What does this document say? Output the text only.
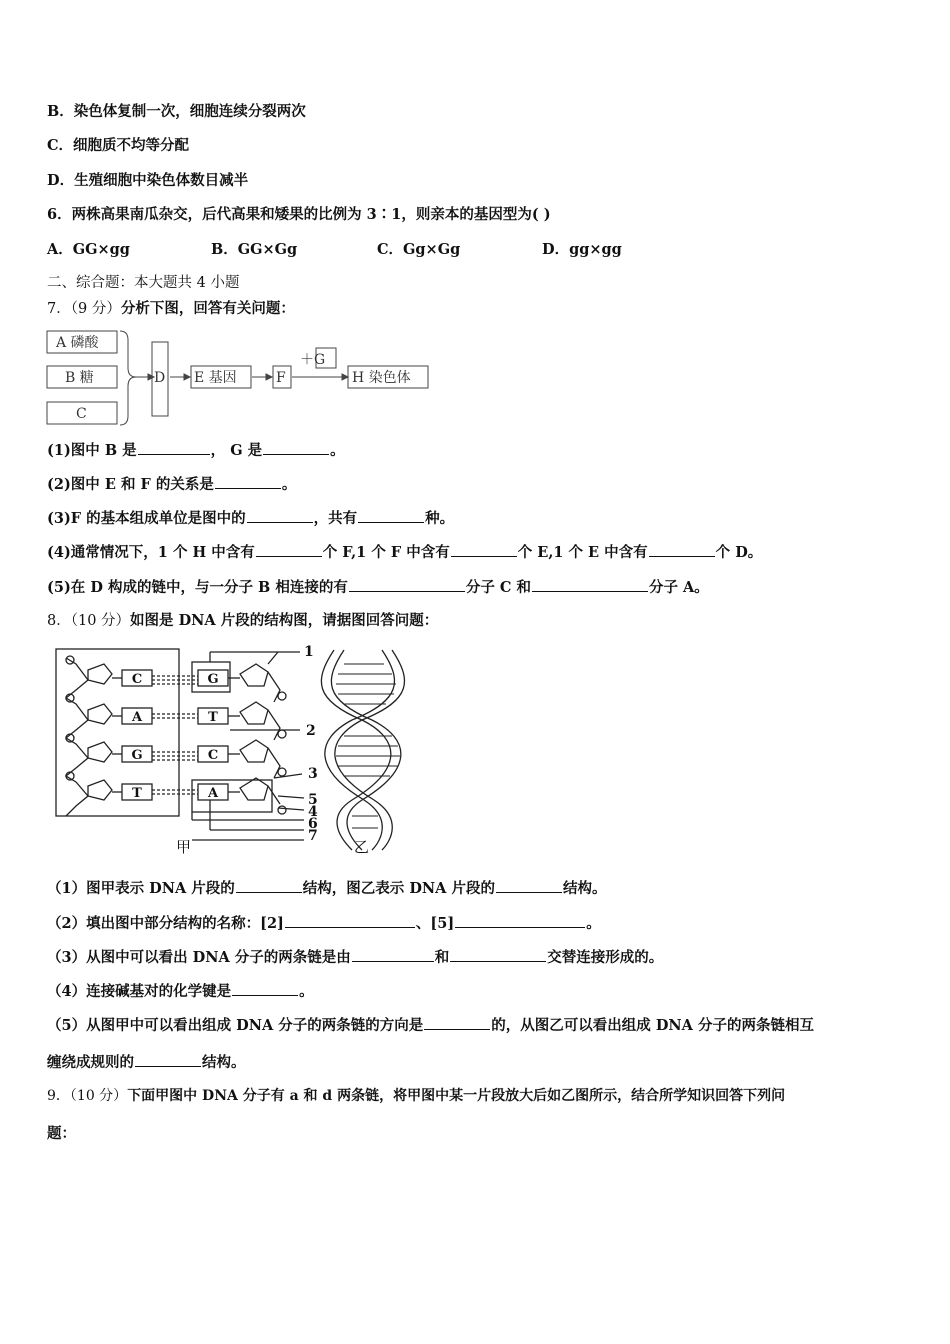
B．染色体复制一次，细胞连续分裂两次
C．细胞质不均等分配
D．生殖细胞中染色体数目减半
6．两株高果南瓜杂交，后代高果和矮果的比例为 3∶1，则亲本的基因型为( )
A．GG×gg	B．GG×Gg	C．Gg×Gg	D．gg×gg
二、综合题：本大题共 4 小题
7．（9 分）分析下图，回答有关问题：
A 磷酸
B 糖
C
D E 基因	F
＋G
H 染色体
(1)图中 B 是	， G 是	。
(2)图中 E 和 F 的关系是	。
(3)F 的基本组成单位是图中的	，共有	种。
(4)通常情况下，1 个 H 中含有	个 F,1 个 F 中含有	个 E,1 个 E 中含有	个 D。
(5)在 D 构成的链中，与一分子 B 相连接的有	分子 C 和	分子 A。
8．（10 分）如图是 DNA 片段的结构图，请据图回答问题：
C
A
G
T
G
T
C
A
1
2
3
5
4
6
7
甲	乙
（1）图甲表示 DNA 片段的	结构，图乙表示 DNA 片段的	结构。
（2）填出图中部分结构的名称：[2]	、[5]	。
（3）从图中可以看出 DNA 分子的两条链是由	和	交替连接形成的。
（4）连接碱基对的化学键是	。
（5）从图甲中可以看出组成 DNA 分子的两条链的方向是	的，从图乙可以看出组成 DNA 分子的两条链相互
缠绕成规则的	结构。
9．（10 分）下面甲图中 DNA 分子有 a 和 d 两条链，将甲图中某一片段放大后如乙图所示，结合所学知识回答下列问
题：
